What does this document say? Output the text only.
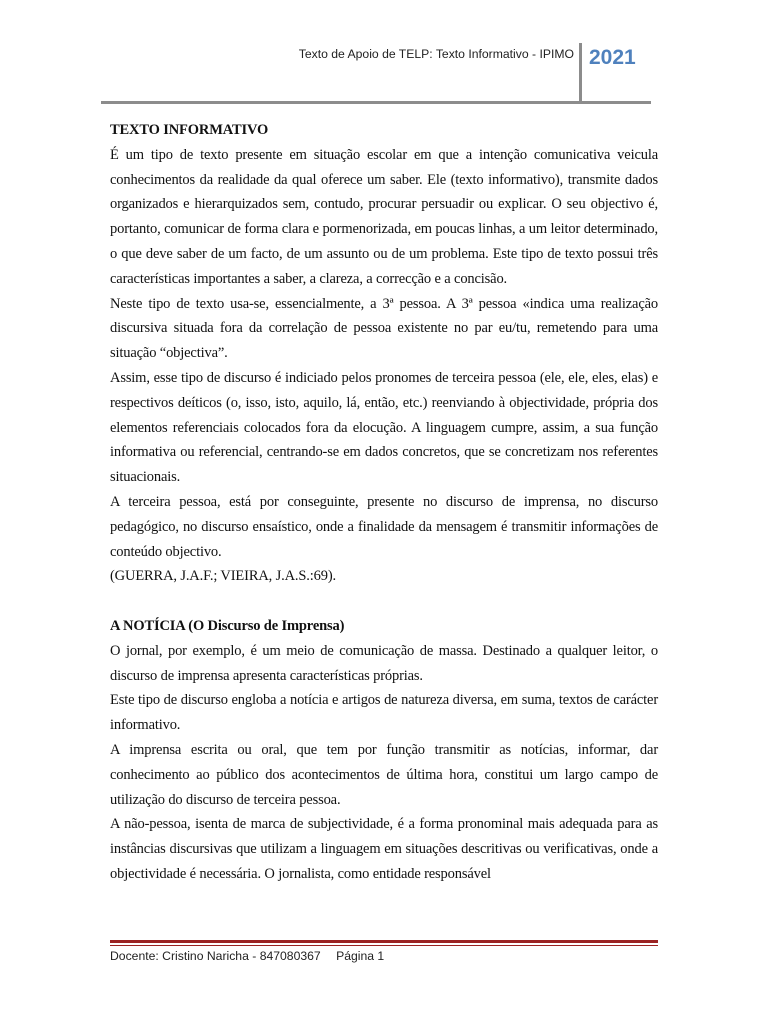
Texto de Apoio de TELP: Texto Informativo - IPIMO 2021

TEXTO INFORMATIVO

É um tipo de texto presente em situação escolar em que a intenção comunicativa veicula conhecimentos da realidade da qual oferece um saber. Ele (texto informativo), transmite dados organizados e hierarquizados sem, contudo, procurar persuadir ou explicar. O seu objectivo é, portanto, comunicar de forma clara e pormenorizada, em poucas linhas, a um leitor determinado, o que deve saber de um facto, de um assunto ou de um problema. Este tipo de texto possui três características importantes a saber, a clareza, a correcção e a concisão.

Neste tipo de texto usa-se, essencialmente, a 3ª pessoa. A 3ª pessoa «indica uma realização discursiva situada fora da correlação de pessoa existente no par eu/tu, remetendo para uma situação “objectiva”.

Assim, esse tipo de discurso é indiciado pelos pronomes de terceira pessoa (ele, ele, eles, elas) e respectivos deíticos (o, isso, isto, aquilo, lá, então, etc.) reenviando à objectividade, própria dos elementos referenciais colocados fora da elocução. A linguagem cumpre, assim, a sua função informativa ou referencial, centrando-se em dados concretos, que se concretizam nos referentes situacionais.

A terceira pessoa, está por conseguinte, presente no discurso de imprensa, no discurso pedagógico, no discurso ensaístico, onde a finalidade da mensagem é transmitir informações de conteúdo objectivo.

(GUERRA, J.A.F.; VIEIRA, J.A.S.:69).

A NOTÍCIA (O Discurso de Imprensa)

O jornal, por exemplo, é um meio de comunicação de massa. Destinado a qualquer leitor, o discurso de imprensa apresenta características próprias.

Este tipo de discurso engloba a notícia e artigos de natureza diversa, em suma, textos de carácter informativo.

A imprensa escrita ou oral, que tem por função transmitir as notícias, informar, dar conhecimento ao público dos acontecimentos de última hora, constitui um largo campo de utilização do discurso de terceira pessoa.

A não-pessoa, isenta de marca de subjectividade, é a forma pronominal mais adequada para as instâncias discursivas que utilizam a linguagem em situações descritivas ou verificativas, onde a objectividade é necessária. O jornalista, como entidade responsável

Docente: Cristino Naricha - 847080367 Página 1
